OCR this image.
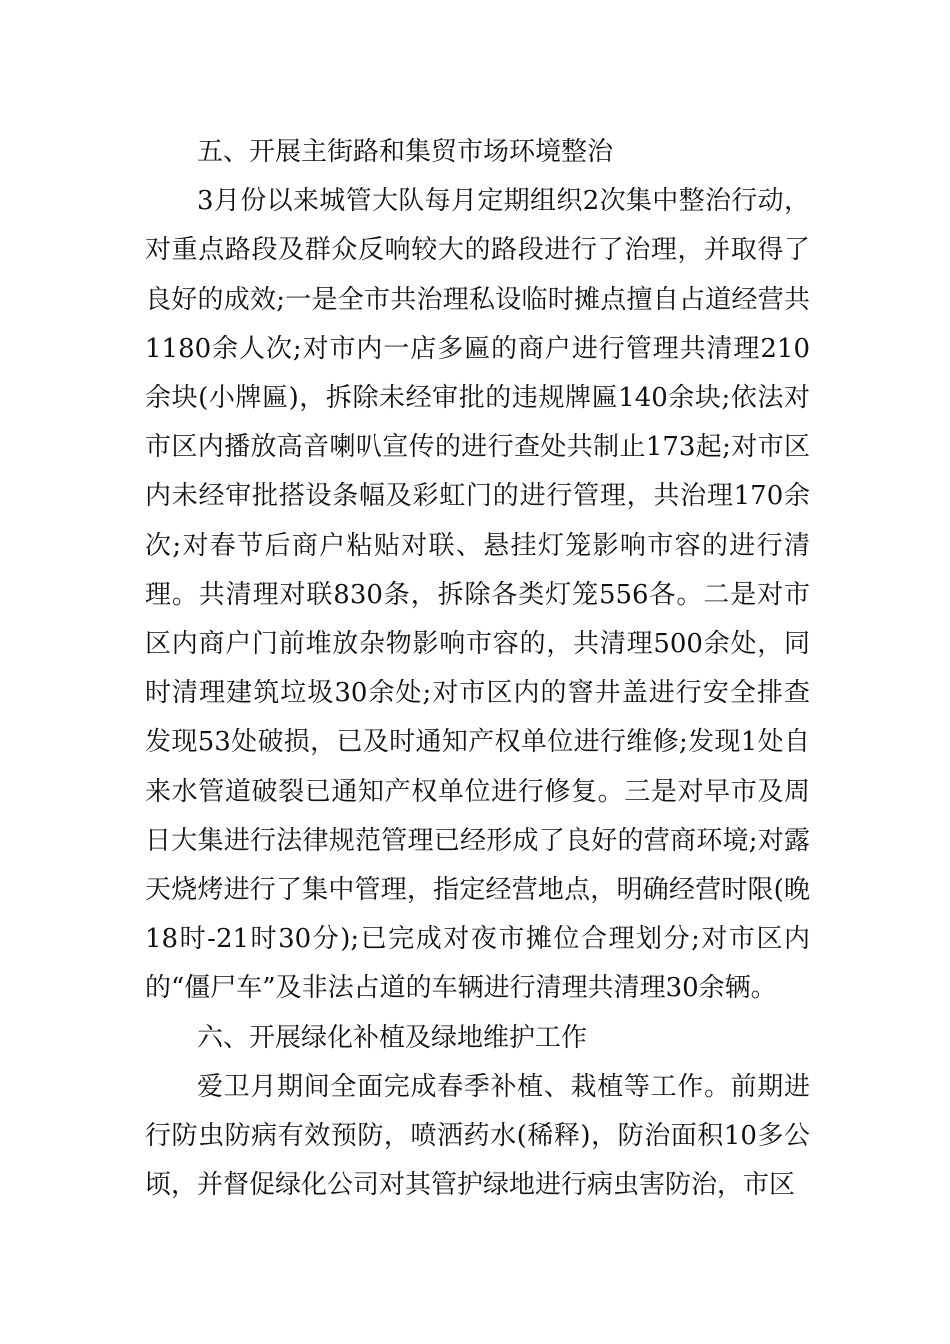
五、开展主街路和集贸市场环境整治

3月份以来城管大队每月定期组织2次集中整治行动，对重点路段及群众反响较大的路段进行了治理，并取得了良好的成效;一是全市共治理私设临时摊点擅自占道经营共1180余人次;对市内一店多匾的商户进行管理共清理210余块(小牌匾)，拆除未经审批的违规牌匾140余块;依法对市区内播放高音喇叭宣传的进行查处共制止173起;对市区内未经审批搭设条幅及彩虹门的进行管理，共治理170余次;对春节后商户粘贴对联、悬挂灯笼影响市容的进行清理。共清理对联830条，拆除各类灯笼556各。二是对市区内商户门前堆放杂物影响市容的，共清理500余处，同时清理建筑垃圾30余处;对市区内的窨井盖进行安全排查发现53处破损，已及时通知产权单位进行维修;发现1处自来水管道破裂已通知产权单位进行修复。三是对早市及周日大集进行法律规范管理已经形成了良好的营商环境;对露天烧烤进行了集中管理，指定经营地点，明确经营时限(晚18时-21时30分);已完成对夜市摊位合理划分;对市区内的“僵尸车”及非法占道的车辆进行清理共清理30余辆。

六、开展绿化补植及绿地维护工作

爱卫月期间全面完成春季补植、栽植等工作。前期进行防虫防病有效预防，喷洒药水(稀释)，防治面积10多公顷，并督促绿化公司对其管护绿地进行病虫害防治，市区
